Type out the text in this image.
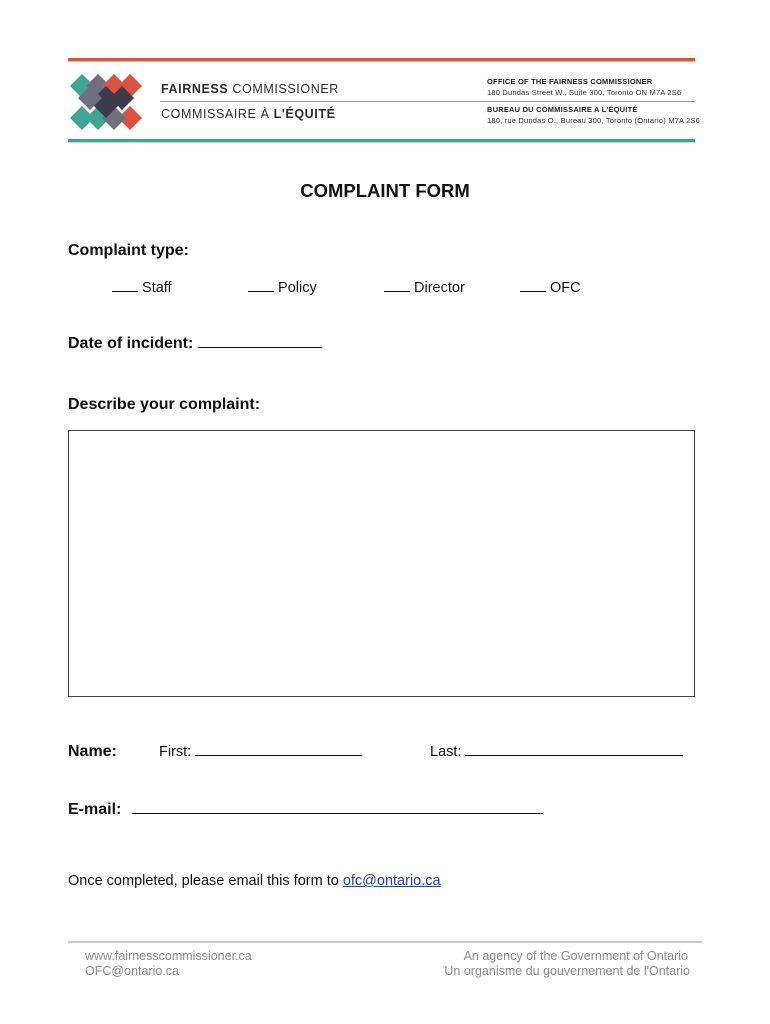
FAIRNESS COMMISSIONER
COMMISSAIRE À L'ÉQUITÉ
OFFICE OF THE FAIRNESS COMMISSIONER
180 Dundas Street W., Suite 300, Toronto ON M7A 2S6
BUREAU DU COMMISSAIRE A L'ÉQUITÉ
180, rue Dundas O., Bureau 300, Toronto (Ontario) M7A 2S6
COMPLAINT FORM
Complaint type:
Staff	Policy	Director	OFC
Date of incident:
Describe your complaint:
Name:	First:	Last:
E-mail:
Once completed, please email this form to ofc@ontario.ca
www.fairnesscommissioner.ca
OFC@ontario.ca
An agency of the Government of Ontario
Un organisme du gouvernement de l'Ontario
